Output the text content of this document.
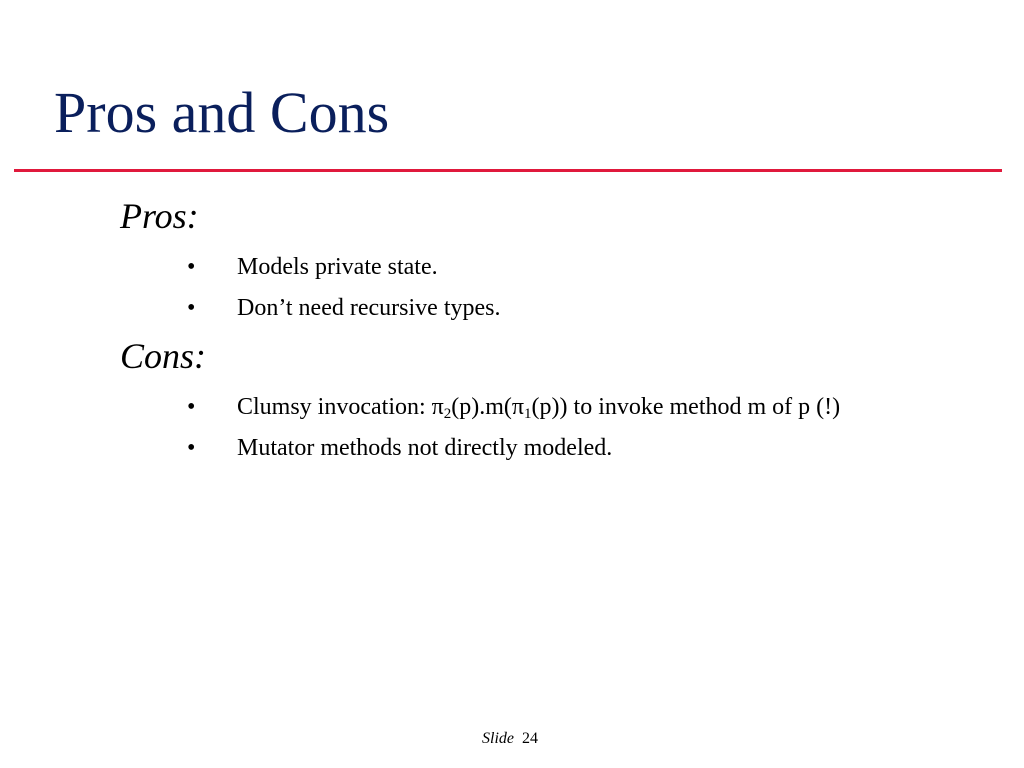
Pros and Cons
Pros:
• Models private state.
• Don’t need recursive types.
Cons:
• Clumsy invocation: $\pi_2(p).m(\pi_1(p))$ to invoke method m of p (!)
• Mutator methods not directly modeled.
Slide 24
